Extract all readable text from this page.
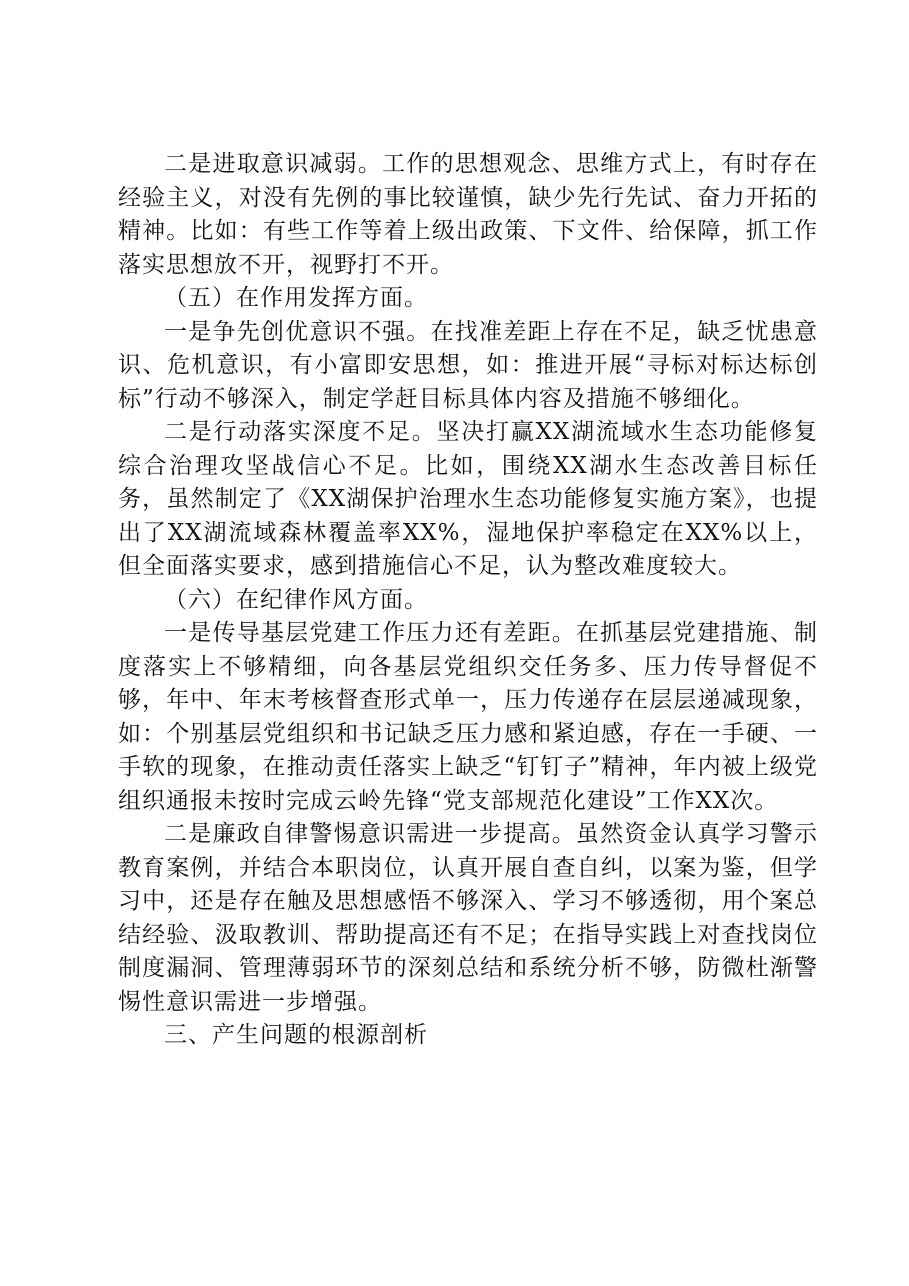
二是进取意识减弱。工作的思想观念、思维方式上，有时存在经验主义，对没有先例的事比较谨慎，缺少先行先试、奋力开拓的精神。比如：有些工作等着上级出政策、下文件、给保障，抓工作落实思想放不开，视野打不开。

（五）在作用发挥方面。

一是争先创优意识不强。在找准差距上存在不足，缺乏忧患意识、危机意识，有小富即安思想，如：推进开展“寻标对标达标创标”行动不够深入，制定学赶目标具体内容及措施不够细化。

二是行动落实深度不足。坚决打赢XX湖流域水生态功能修复综合治理攻坚战信心不足。比如，围绕XX湖水生态改善目标任务，虽然制定了《XX湖保护治理水生态功能修复实施方案》，也提出了XX湖流域森林覆盖率XX%，湿地保护率稳定在XX%以上，但全面落实要求，感到措施信心不足，认为整改难度较大。

（六）在纪律作风方面。

一是传导基层党建工作压力还有差距。在抓基层党建措施、制度落实上不够精细，向各基层党组织交任务多、压力传导督促不够，年中、年末考核督查形式单一，压力传递存在层层递减现象，如：个别基层党组织和书记缺乏压力感和紧迫感，存在一手硬、一手软的现象，在推动责任落实上缺乏“钉钉子”精神，年内被上级党组织通报未按时完成云岭先锋“党支部规范化建设”工作XX次。

二是廉政自律警惕意识需进一步提高。虽然资金认真学习警示教育案例，并结合本职岗位，认真开展自查自纠，以案为鉴，但学习中，还是存在触及思想感悟不够深入、学习不够透彻，用个案总结经验、汲取教训、帮助提高还有不足；在指导实践上对查找岗位制度漏洞、管理薄弱环节的深刻总结和系统分析不够，防微杜渐警惕性意识需进一步增强。

三、产生问题的根源剖析
